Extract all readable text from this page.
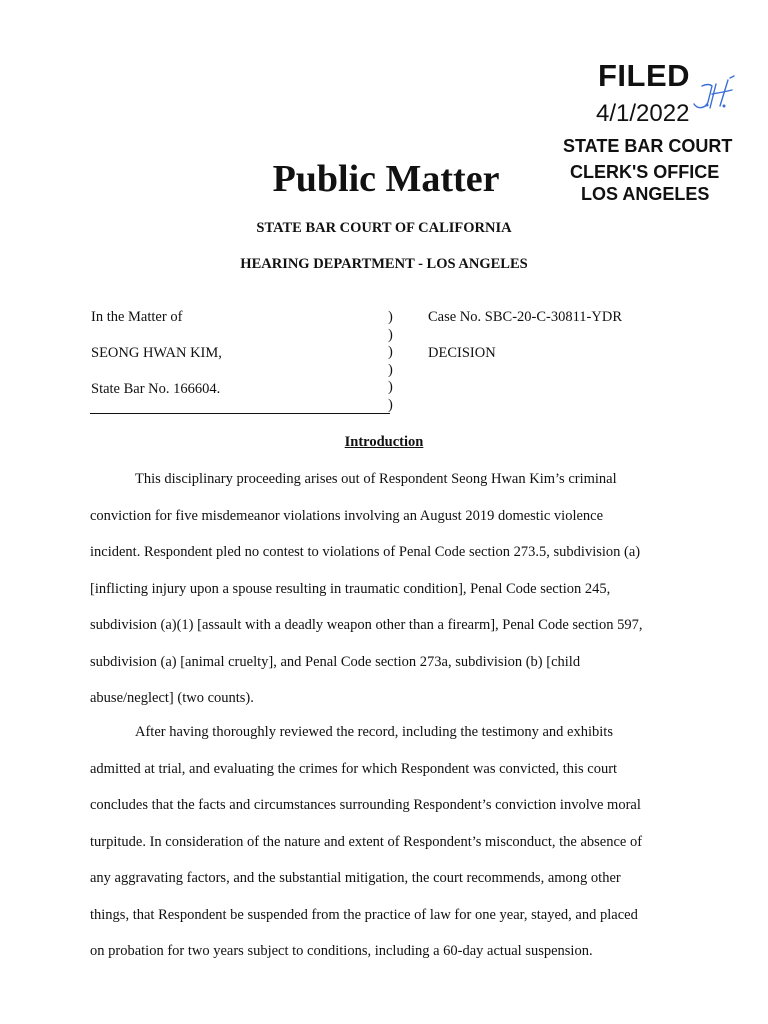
FILED
4/1/2022
STATE BAR COURT
CLERK'S OFFICE
LOS ANGELES
Public Matter
STATE BAR COURT OF CALIFORNIA
HEARING DEPARTMENT - LOS ANGELES
In the Matter of
SEONG HWAN KIM,
State Bar No. 166604.
)
)
)
)
)
)
Case No. SBC-20-C-30811-YDR
DECISION
Introduction
This disciplinary proceeding arises out of Respondent Seong Hwan Kim’s criminal
conviction for five misdemeanor violations involving an August 2019 domestic violence
incident. Respondent pled no contest to violations of Penal Code section 273.5, subdivision (a)
[inflicting injury upon a spouse resulting in traumatic condition], Penal Code section 245,
subdivision (a)(1) [assault with a deadly weapon other than a firearm], Penal Code section 597,
subdivision (a) [animal cruelty], and Penal Code section 273a, subdivision (b) [child
abuse/neglect] (two counts).
After having thoroughly reviewed the record, including the testimony and exhibits
admitted at trial, and evaluating the crimes for which Respondent was convicted, this court
concludes that the facts and circumstances surrounding Respondent’s conviction involve moral
turpitude. In consideration of the nature and extent of Respondent’s misconduct, the absence of
any aggravating factors, and the substantial mitigation, the court recommends, among other
things, that Respondent be suspended from the practice of law for one year, stayed, and placed
on probation for two years subject to conditions, including a 60-day actual suspension.
